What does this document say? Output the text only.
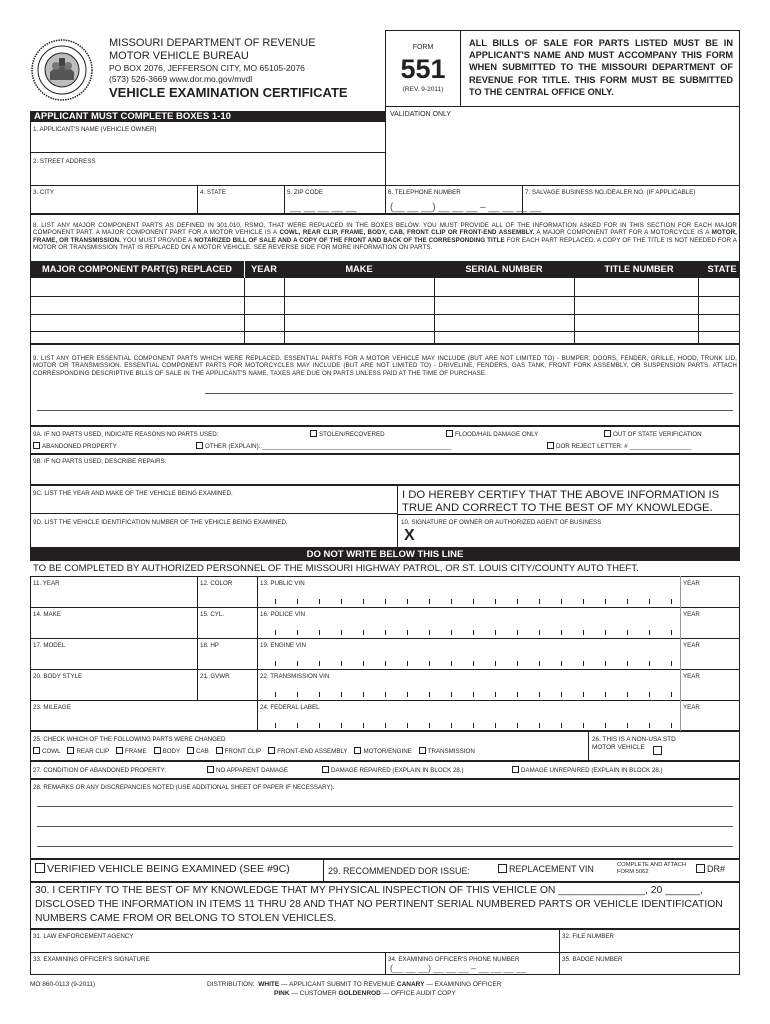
MISSOURI DEPARTMENT OF REVENUE
MOTOR VEHICLE BUREAU
PO BOX 2076, JEFFERSON CITY, MO 65105-2076
(573) 526-3669 www.dor.mo.gov/mvdl
VEHICLE EXAMINATION CERTIFICATE
FORM
551
(REV. 9-2011)
ALL BILLS OF SALE FOR PARTS LISTED MUST BE IN APPLICANT'S NAME AND MUST ACCOMPANY THIS FORM WHEN SUBMITTED TO THE MISSOURI DEPARTMENT OF REVENUE FOR TITLE. THIS FORM MUST BE SUBMITTED TO THE CENTRAL OFFICE ONLY.
VALIDATION ONLY
APPLICANT MUST COMPLETE BOXES 1-10
1. APPLICANT'S NAME (VEHICLE OWNER)
2. STREET ADDRESS
3. CITY	4. STATE	5. ZIP CODE
__ __ __ __ __
6. TELEPHONE NUMBER
(__ __ __) __ __ __ – __ __ __ __
7. SALVAGE BUSINESS NO./DEALER NO. (IF APPLICABLE)
8. LIST ANY MAJOR COMPONENT PARTS AS DEFINED IN 301.010, RSMO, THAT WERE REPLACED IN THE BOXES BELOW. YOU MUST PROVIDE ALL OF THE INFORMATION ASKED FOR IN THIS SECTION FOR EACH MAJOR COMPONENT PART. A MAJOR COMPONENT PART FOR A MOTOR VEHICLE IS A COWL, REAR CLIP, FRAME, BODY, CAB, FRONT CLIP OR FRONT-END ASSEMBLY. A MAJOR COMPONENT PART FOR A MOTORCYCLE IS A MOTOR, FRAME, OR TRANSMISSION. YOU MUST PROVIDE A NOTARIZED BILL OF SALE AND A COPY OF THE FRONT AND BACK OF THE CORRESPONDING TITLE FOR EACH PART REPLACED. A COPY OF THE TITLE IS NOT NEEDED FOR A MOTOR OR TRANSMISSION THAT IS REPLACED ON A MOTOR VEHICLE. SEE REVERSE SIDE FOR MORE INFORMATION ON PARTS.
MAJOR COMPONENT PART(S) REPLACED	YEAR	MAKE	SERIAL NUMBER	TITLE NUMBER	STATE
9. LIST ANY OTHER ESSENTIAL COMPONENT PARTS WHICH WERE REPLACED. ESSENTIAL PARTS FOR A MOTOR VEHICLE MAY INCLUDE (BUT ARE NOT LIMITED TO) - BUMPER, DOORS, FENDER, GRILLE, HOOD, TRUNK LID, MOTOR OR TRANSMISSION. ESSENTIAL COMPONENT PARTS FOR MOTORCYCLES MAY INCLUDE (BUT ARE NOT LIMITED TO) - DRIVELINE, FENDERS, GAS TANK, FRONT FORK ASSEMBLY, OR SUSPENSION PARTS. ATTACH CORRESPONDING DESCRIPTIVE BILLS OF SALE IN THE APPLICANT'S NAME. TAXES ARE DUE ON PARTS UNLESS PAID AT THE TIME OF PURCHASE.
9A. IF NO PARTS USED, INDICATE REASONS NO PARTS USED:	STOLEN/RECOVERED	FLOOD/HAIL DAMAGE ONLY	OUT OF STATE VERIFICATION
ABANDONED PROPERTY	OTHER (EXPLAIN): _______________________________________________________	DOR REJECT LETTER: # __________________
9B. IF NO PARTS USED, DESCRIBE REPAIRS:
9C. LIST THE YEAR AND MAKE OF THE VEHICLE BEING EXAMINED.
9D. LIST THE VEHICLE IDENTIFICATION NUMBER OF THE VEHICLE BEING EXAMINED.
I DO HEREBY CERTIFY THAT THE ABOVE INFORMATION IS TRUE AND CORRECT TO THE BEST OF MY KNOWLEDGE.
10. SIGNATURE OF OWNER OR AUTHORIZED AGENT OF BUSINESS
X
DO NOT WRITE BELOW THIS LINE
TO BE COMPLETED BY AUTHORIZED PERSONNEL OF THE MISSOURI HIGHWAY PATROL, OR ST. LOUIS CITY/COUNTY AUTO THEFT.
11. YEAR	12. COLOR	13. PUBLIC VIN	YEAR
14. MAKE	15. CYL.	16. POLICE VIN	YEAR
17. MODEL	18. HP	19. ENGINE VIN	YEAR
20. BODY STYLE	21. GVWR	22. TRANSMISSION VIN	YEAR
23. MILEAGE	24. FEDERAL LABEL	YEAR
25. CHECK WHICH OF THE FOLLOWING PARTS WERE CHANGED
COWL	REAR CLIP	FRAME	BODY	CAB	FRONT CLIP	FRONT-END ASSEMBLY	MOTOR/ENGINE	TRANSMISSION
26. THIS IS A NON-USA STD MOTOR VEHICLE
27. CONDITION OF ABANDONED PROPERTY:	NO APPARENT DAMAGE	DAMAGE REPAIRED (EXPLAIN IN BLOCK 28.)	DAMAGE UNREPAIRED (EXPLAIN IN BLOCK 28.)
28. REMARKS OR ANY DISCREPANCIES NOTED (USE ADDITIONAL SHEET OF PAPER IF NECESSARY).
VERIFIED VEHICLE BEING EXAMINED (SEE #9C)	29. RECOMMENDED DOR ISSUE:	REPLACEMENT VIN	COMPLETE AND ATTACH FORM 5062	DR#
30. I CERTIFY TO THE BEST OF MY KNOWLEDGE THAT MY PHYSICAL INSPECTION OF THIS VEHICLE ON _______________, 20 ______, DISCLOSED THE INFORMATION IN ITEMS 11 THRU 28 AND THAT NO PERTINENT SERIAL NUMBERED PARTS OR VEHICLE IDENTIFICATION NUMBERS CAME FROM OR BELONG TO STOLEN VEHICLES.
31. LAW ENFORCEMENT AGENCY	32. FILE NUMBER
33. EXAMINING OFFICER'S SIGNATURE	34. EXAMINING OFFICER'S PHONE NUMBER
(__ __ __) __ __ __ – __ __ __ __
35. BADGE NUMBER
MO 860-0113 (9-2011)	DISTRIBUTION: WHITE — APPLICANT SUBMIT TO REVENUE CANARY — EXAMINING OFFICER
PINK — CUSTOMER GOLDENROD — OFFICE AUDIT COPY
